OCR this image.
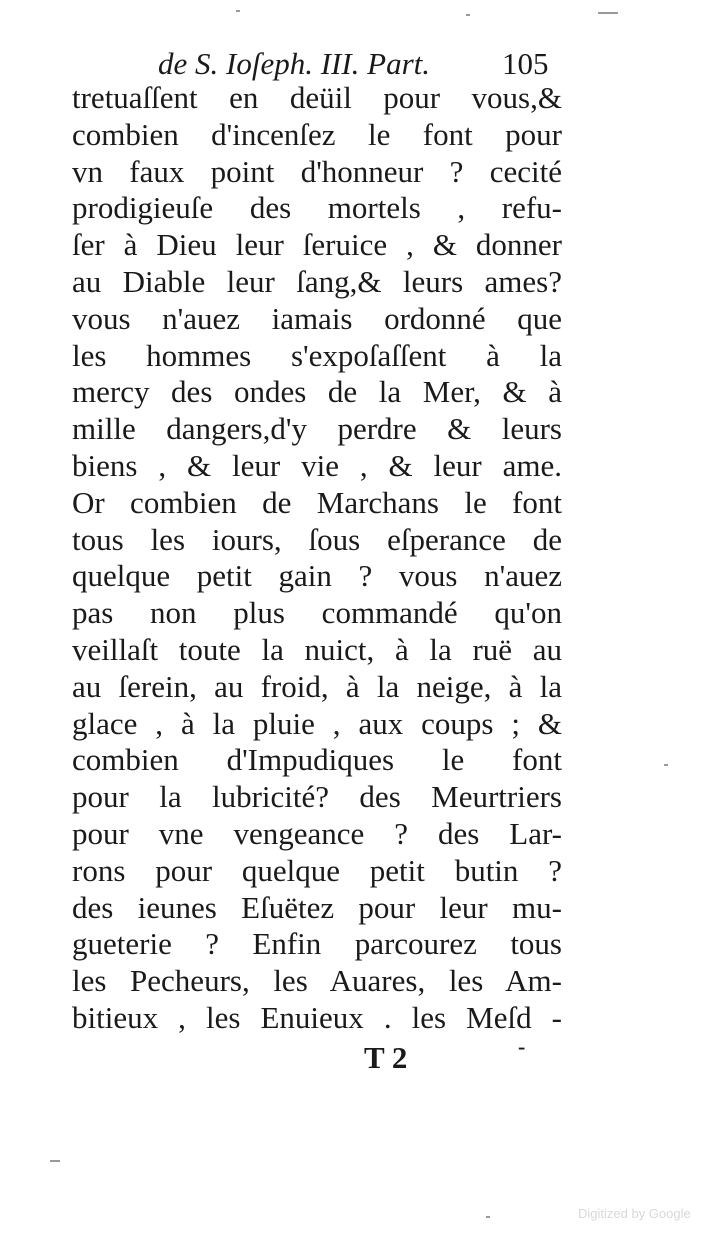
de S. Ioſeph. III. Part. 105
tretuaſſent en deüil pour vous,&
combien d'incenſez le font pour
vn faux point d'honneur ? cecité
prodigieuſe des mortels , refu-
ſer à Dieu leur ſeruice , & donner
au Diable leur ſang,& leurs ames?
vous n'auez iamais ordonné que
les hommes s'expoſaſſent à la
mercy des ondes de la Mer, & à
mille dangers,d'y perdre & leurs
biens , & leur vie , & leur ame.
Or combien de Marchans le font
tous les iours, ſous eſperance de
quelque petit gain ? vous n'auez
pas non plus commandé qu'on
veillaſt toute la nuict, à la ruë au
au ſerein, au froid, à la neige, à la
glace , à la pluie , aux coups ; &
combien d'Impudiques le font
pour la lubricité? des Meurtriers
pour vne vengeance ? des Lar-
rons pour quelque petit butin ?
des ieunes Eſuëtez pour leur mu-
gueterie ? Enfin parcourez tous
les Pecheurs, les Auares, les Am-
bitieux , les Enuieux . les Meſd -
T 2	-
Digitized by Google
